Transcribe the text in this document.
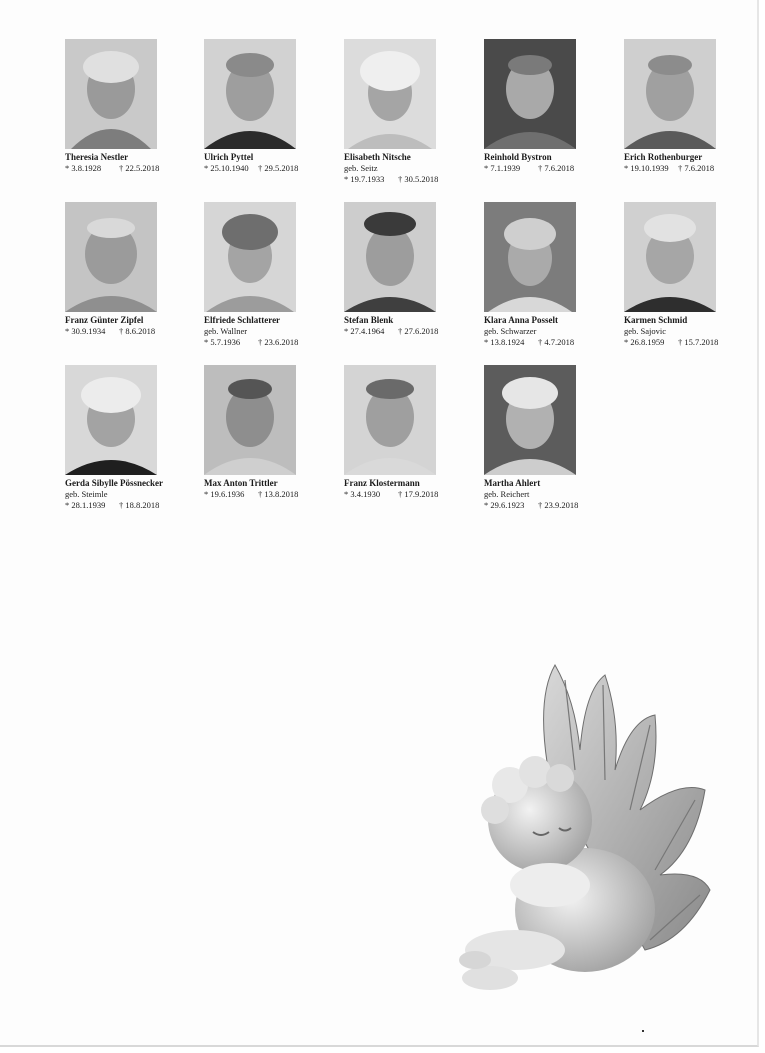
Theresia Nestler
* 3.8.1928	† 22.5.2018
Ulrich Pyttel
* 25.10.1940	† 29.5.2018
Elisabeth Nitsche
geb. Seitz
* 19.7.1933	† 30.5.2018
Reinhold Bystron
* 7.1.1939	† 7.6.2018
Erich Rothenburger
* 19.10.1939	† 7.6.2018
Franz Günter Zipfel
* 30.9.1934	† 8.6.2018
Elfriede Schlatterer
geb. Wallner
* 5.7.1936	† 23.6.2018
Stefan Blenk
* 27.4.1964	† 27.6.2018
Klara Anna Posselt
geb. Schwarzer
* 13.8.1924	† 4.7.2018
Karmen Schmid
geb. Sajovic
* 26.8.1959	† 15.7.2018
Gerda Sibylle Pössnecker
geb. Steimle
* 28.1.1939	† 18.8.2018
Max Anton Trittler
* 19.6.1936	† 13.8.2018
Franz Klostermann
* 3.4.1930	† 17.9.2018
Martha Ahlert
geb. Reichert
* 29.6.1923	† 23.9.2018
